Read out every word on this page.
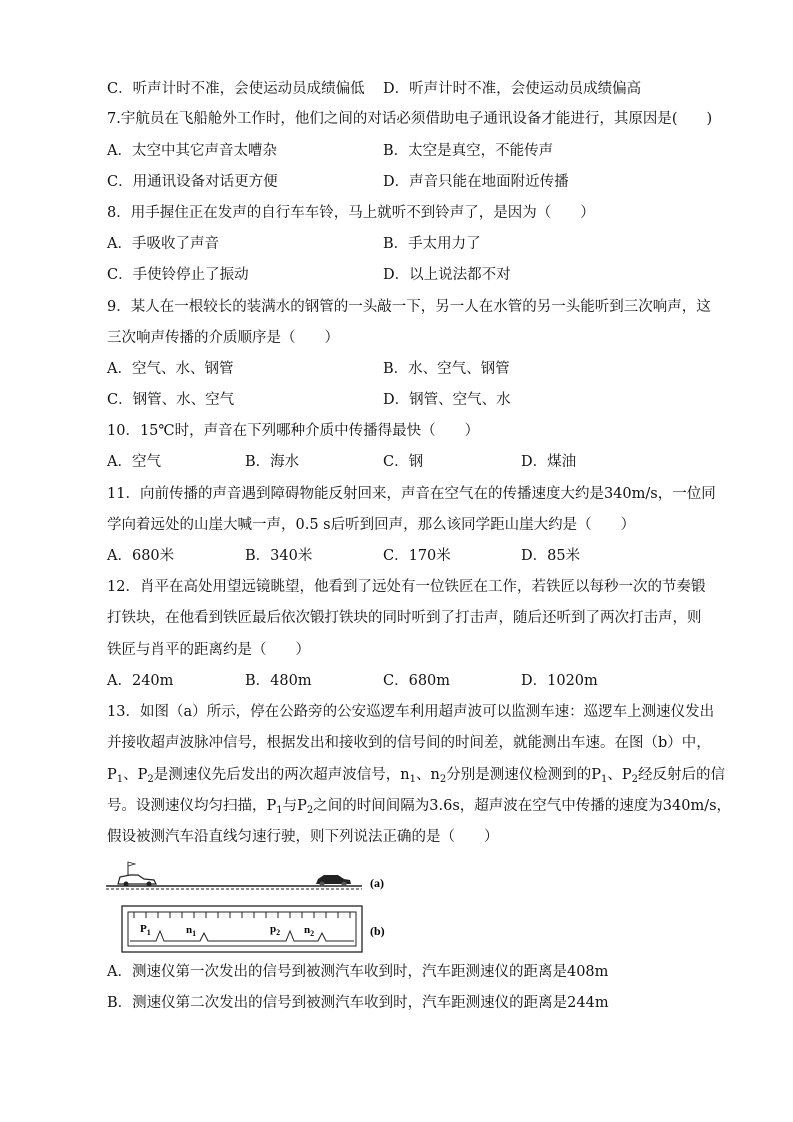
C．听声计时不准，会使运动员成绩偏低 D．听声计时不准，会使运动员成绩偏高
7.宇航员在飞船舱外工作时，他们之间的对话必须借助电子通讯设备才能进行，其原因是(　　)
A．太空中其它声音太嘈杂	B．太空是真空，不能传声
C．用通讯设备对话更方便	D．声音只能在地面附近传播
8．用手握住正在发声的自行车车铃，马上就听不到铃声了，是因为（　　）
A．手吸收了声音	B．手太用力了
C．手使铃停止了振动	D．以上说法都不对
9．某人在一根较长的装满水的钢管的一头敲一下，另一人在水管的另一头能听到三次响声，这
三次响声传播的介质顺序是（　　）
A．空气、水、钢管	B．水、空气、钢管
C．钢管、水、空气	D．钢管、空气、水
10．15℃时，声音在下列哪种介质中传播得最快（　　）
A．空气	B．海水	C．钢	D．煤油
11．向前传播的声音遇到障碍物能反射回来，声音在空气在的传播速度大约是340m/s，一位同
学向着远处的山崖大喊一声，0.5 s后听到回声，那么该同学距山崖大约是（　　）
A．680米	B．340米	C．170米	D．85米
12．肖平在高处用望远镜眺望，他看到了远处有一位铁匠在工作，若铁匠以每秒一次的节奏锻
打铁块，在他看到铁匠最后依次锻打铁块的同时听到了打击声，随后还听到了两次打击声，则
铁匠与肖平的距离约是（　　）
A．240m	B．480m	C．680m	D．1020m
13．如图（a）所示，停在公路旁的公安巡逻车利用超声波可以监测车速：巡逻车上测速仪发出
并接收超声波脉冲信号，根据发出和接收到的信号间的时间差，就能测出车速。在图（b）中，
$P_1$、$P_2$是测速仪先后发出的两次超声波信号，$n_1$、$n_2$分别是测速仪检测到的$P_1$、$P_2$经反射后的信
号。设测速仪均匀扫描，$P_1$与$P_2$之间的时间间隔为3.6s，超声波在空气中传播的速度为340m/s，
假设被测汽车沿直线匀速行驶，则下列说法正确的是（　　）
(a)
$P_1$	$n_1$	$p_2$ $n_2$	(b)
A．测速仪第一次发出的信号到被测汽车收到时，汽车距测速仪的距离是408m
B．测速仪第二次发出的信号到被测汽车收到时，汽车距测速仪的距离是244m
